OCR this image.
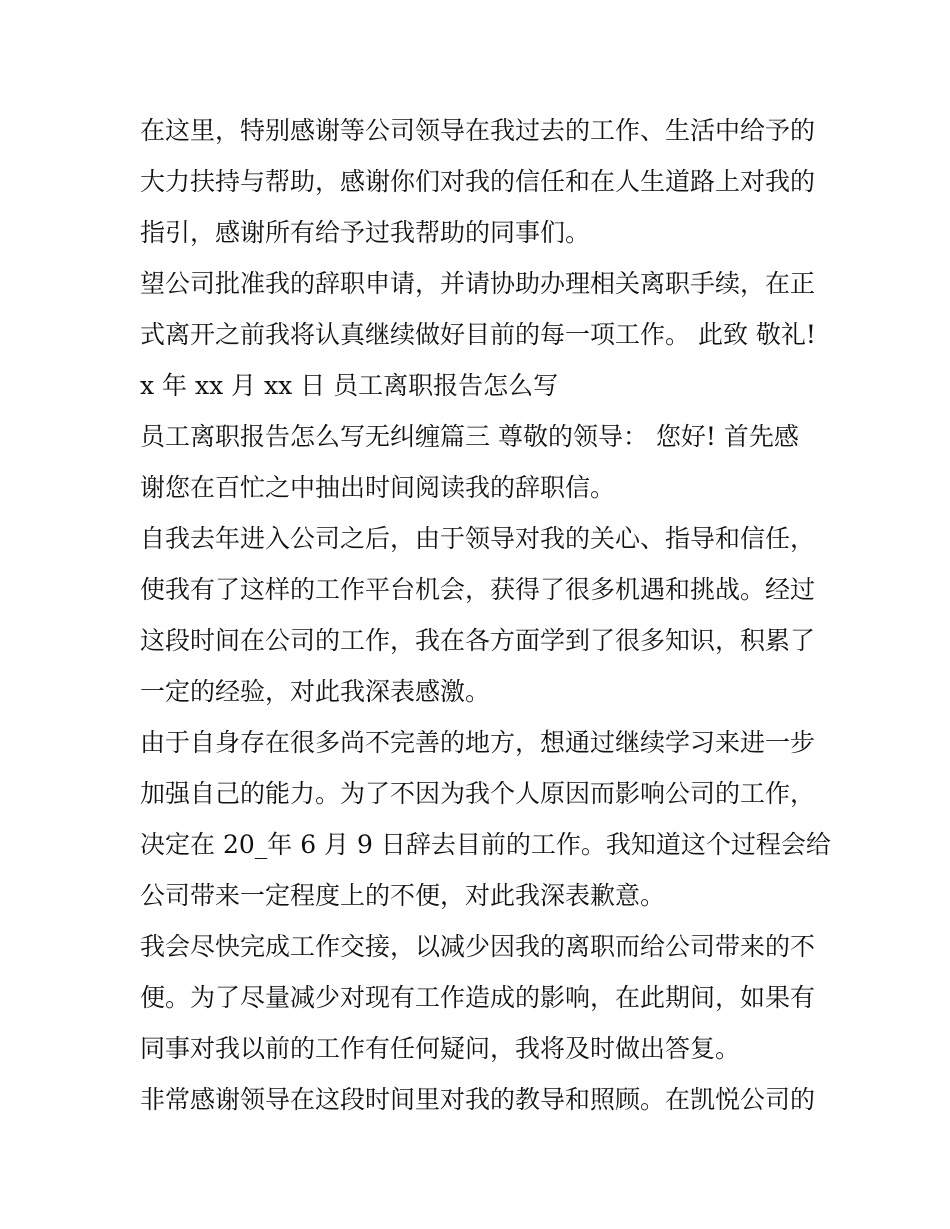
在这里，特别感谢等公司领导在我过去的工作、生活中给予的
大力扶持与帮助，感谢你们对我的信任和在人生道路上对我的
指引，感谢所有给予过我帮助的同事们。
望公司批准我的辞职申请，并请协助办理相关离职手续，在正
式离开之前我将认真继续做好目前的每一项工作。 此致 敬礼!
x 年 xx 月 xx 日 员工离职报告怎么写
员工离职报告怎么写无纠缠篇三 尊敬的领导： 您好! 首先感
谢您在百忙之中抽出时间阅读我的辞职信。
自我去年进入公司之后，由于领导对我的关心、指导和信任，
使我有了这样的工作平台机会，获得了很多机遇和挑战。经过
这段时间在公司的工作，我在各方面学到了很多知识，积累了
一定的经验，对此我深表感激。
由于自身存在很多尚不完善的地方，想通过继续学习来进一步
加强自己的能力。为了不因为我个人原因而影响公司的工作，
决定在 20_年 6 月 9 日辞去目前的工作。我知道这个过程会给
公司带来一定程度上的不便，对此我深表歉意。
我会尽快完成工作交接，以减少因我的离职而给公司带来的不
便。为了尽量减少对现有工作造成的影响，在此期间，如果有
同事对我以前的工作有任何疑问，我将及时做出答复。
非常感谢领导在这段时间里对我的教导和照顾。在凯悦公司的
